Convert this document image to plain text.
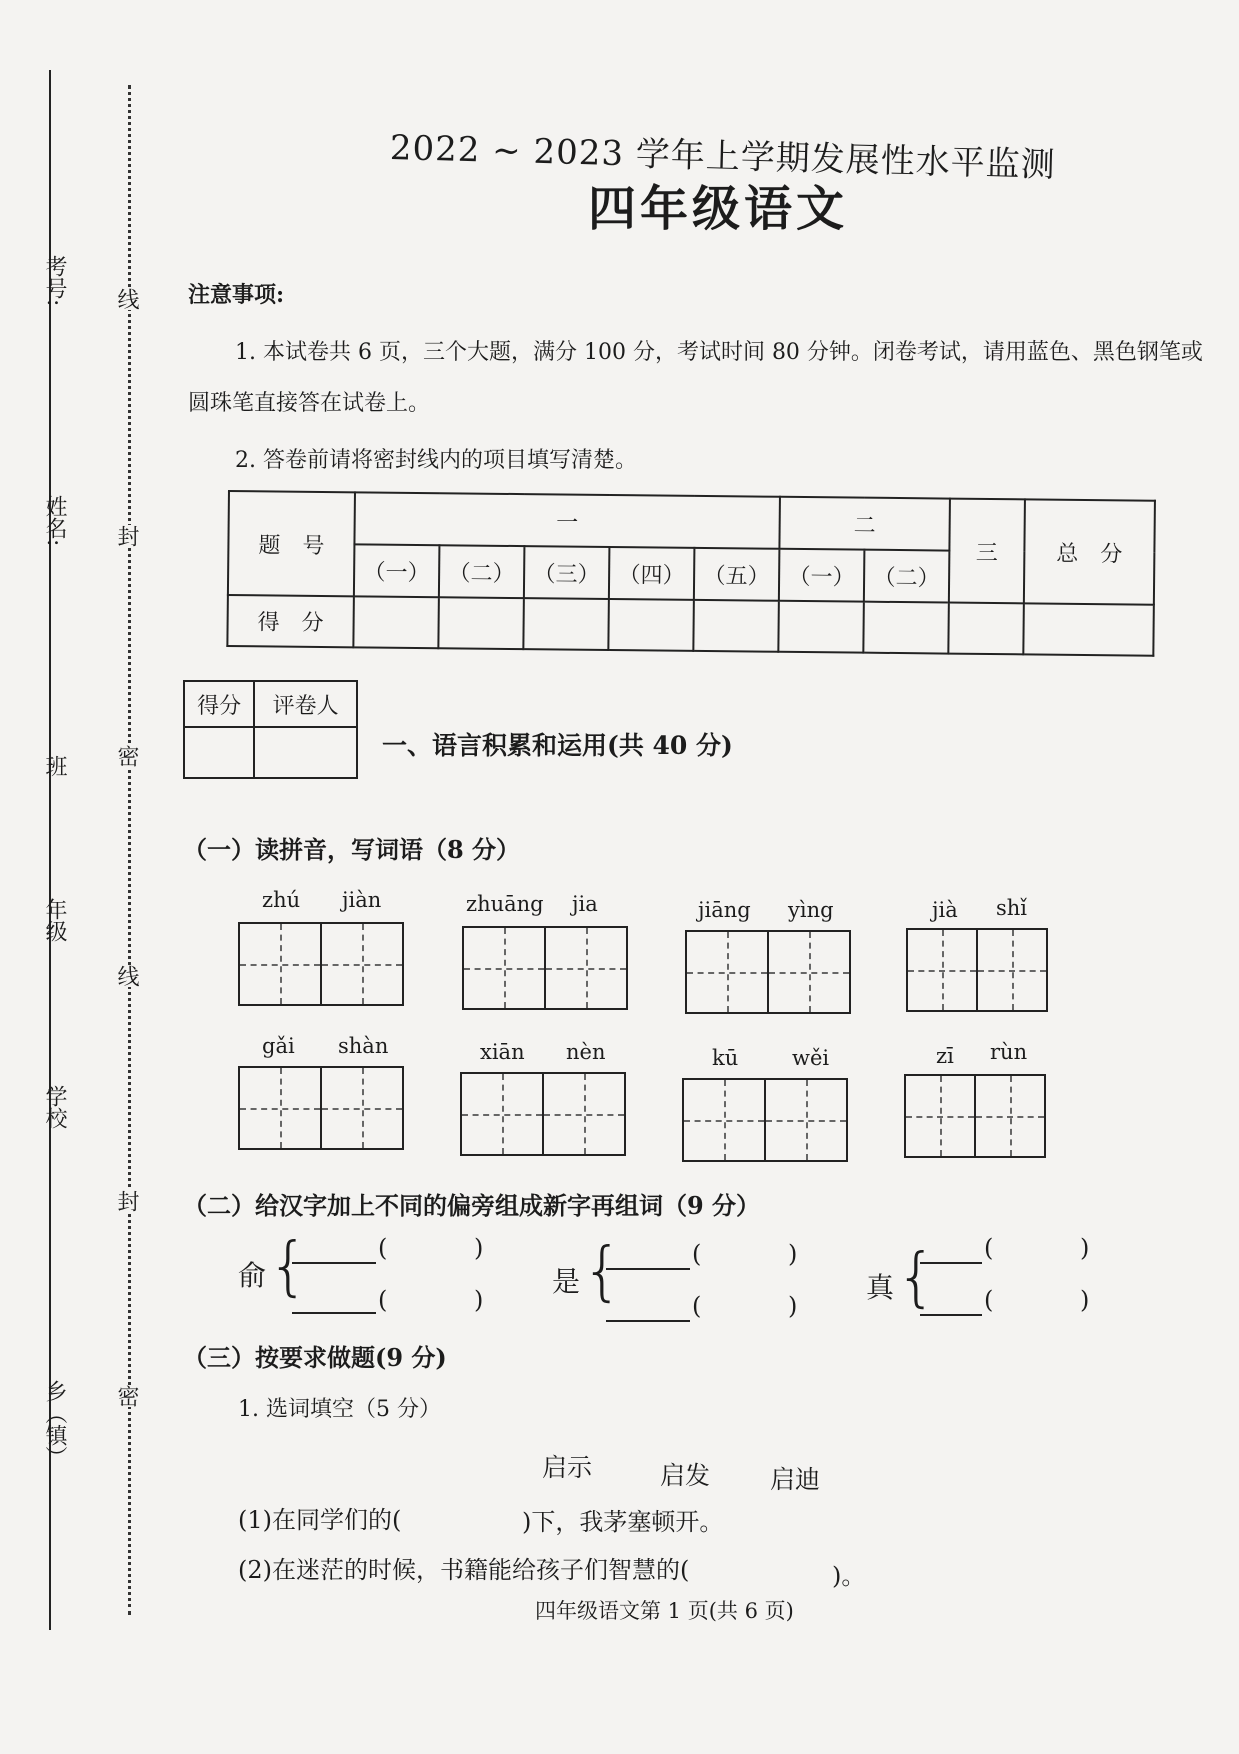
考号:
姓名:
班
年级
学校
乡（镇）
线
封
密
线
封
密
2022 ~ 2023 学年上学期发展性水平监测
四年级语文
注意事项:
1. 本试卷共 6 页，三个大题，满分 100 分，考试时间 80 分钟。闭卷考试，请用蓝色、黑色钢笔或
圆珠笔直接答在试卷上。
2. 答卷前请将密封线内的项目填写清楚。
题　号	一					二		三	总　分
	（一）	（二）	（三）	（四）	（五）	（一）	（二）		
得　分									
得分	评卷人

一、语言积累和运用(共 40 分)
（一）读拼音，写词语（8 分）
zhú jiàn	zhuāng jia	jiāng yìng	jià shǐ
gǎi shàn	xiān nèn	kū	wěi	zī rùn
（二）给汉字加上不同的偏旁组成新字再组词（9 分）
俞 {	(	)
(	)
是 {	(	)
(	)
真 { (	)
(	)
（三）按要求做题(9 分)
1. 选词填空（5 分）
启示	启发 启迪
(1)在同学们的(	)下，我茅塞顿开。
(2)在迷茫的时候，书籍能给孩子们智慧的(	)。
四年级语文第 1 页(共 6 页)
